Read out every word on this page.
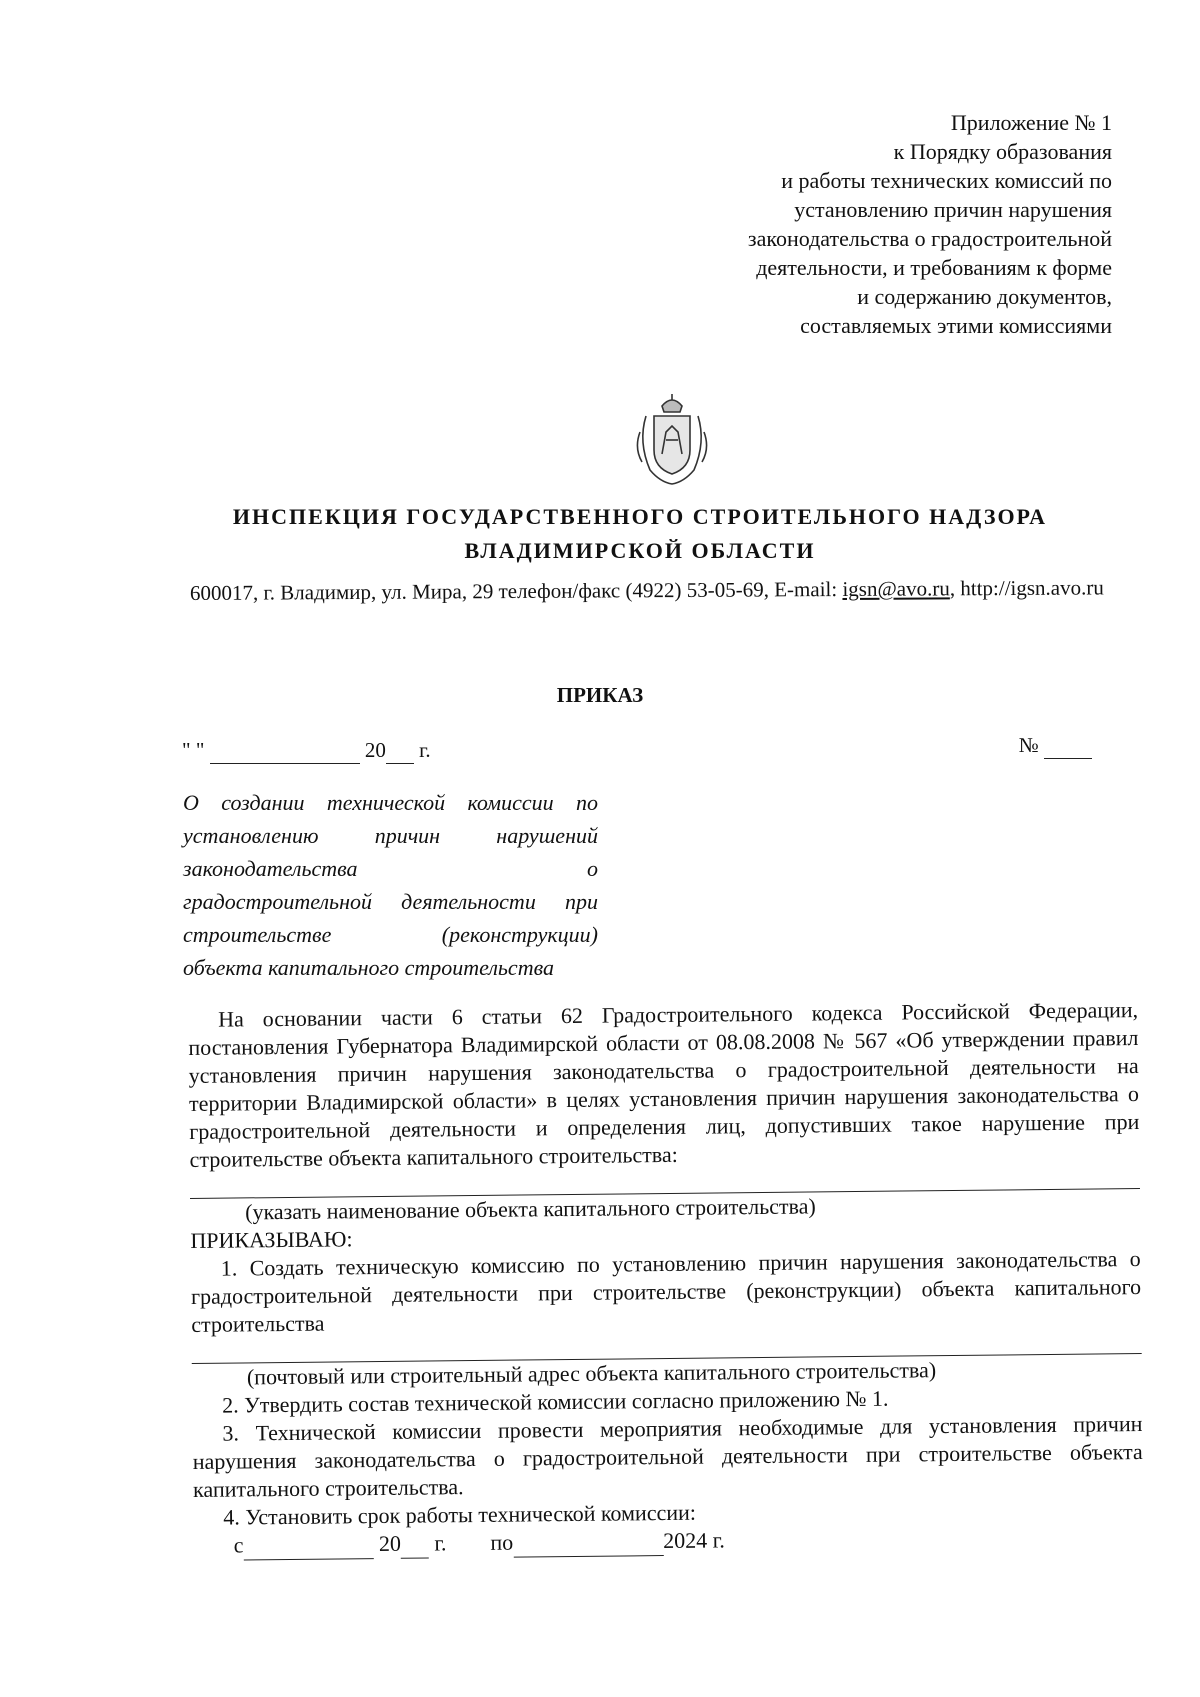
Приложение № 1
к Порядку образования
и работы технических комиссий по
установлению причин нарушения
законодательства о градостроительной
деятельности, и требованиям к форме
и содержанию документов,
составляемых этими комиссиями
ИНСПЕКЦИЯ ГОСУДАРСТВЕННОГО СТРОИТЕЛЬНОГО НАДЗОРА
ВЛАДИМИРСКОЙ ОБЛАСТИ
600017, г. Владимир, ул. Мира, 29 телефон/факс (4922) 53-05-69, E-mail: igsn@avo.ru, http://igsn.avo.ru
ПРИКАЗ
" "	20 г.	№
О создании технической комиссии по
установлению причин нарушений
законодательства о
градостроительной деятельности при
строительстве (реконструкции)
объекта капитального строительства

На основании части 6 статьи 62 Градостроительного кодекса Российской Федерации, постановления Губернатора Владимирской области от 08.08.2008 № 567 «Об утверждении правил установления причин нарушения законодательства о градостроительной деятельности на территории Владимирской области» в целях установления причин нарушения законодательства о градостроительной деятельности и определения лиц, допустивших такое нарушение при строительстве объекта капитального строительства:

(указать наименование объекта капитального строительства)
ПРИКАЗЫВАЮ:

1. Создать техническую комиссию по установлению причин нарушения законодательства о градостроительной деятельности при строительстве (реконструкции) объекта капитального строительства

(почтовый или строительный адрес объекта капитального строительства)

2. Утвердить состав технической комиссии согласно приложению № 1.

3. Технической комиссии провести мероприятия необходимые для установления причин нарушения законодательства о градостроительной деятельности при строительстве объекта капитального строительства.

4. Установить срок работы технической комиссии:

с	20 г. по	2024 г.
